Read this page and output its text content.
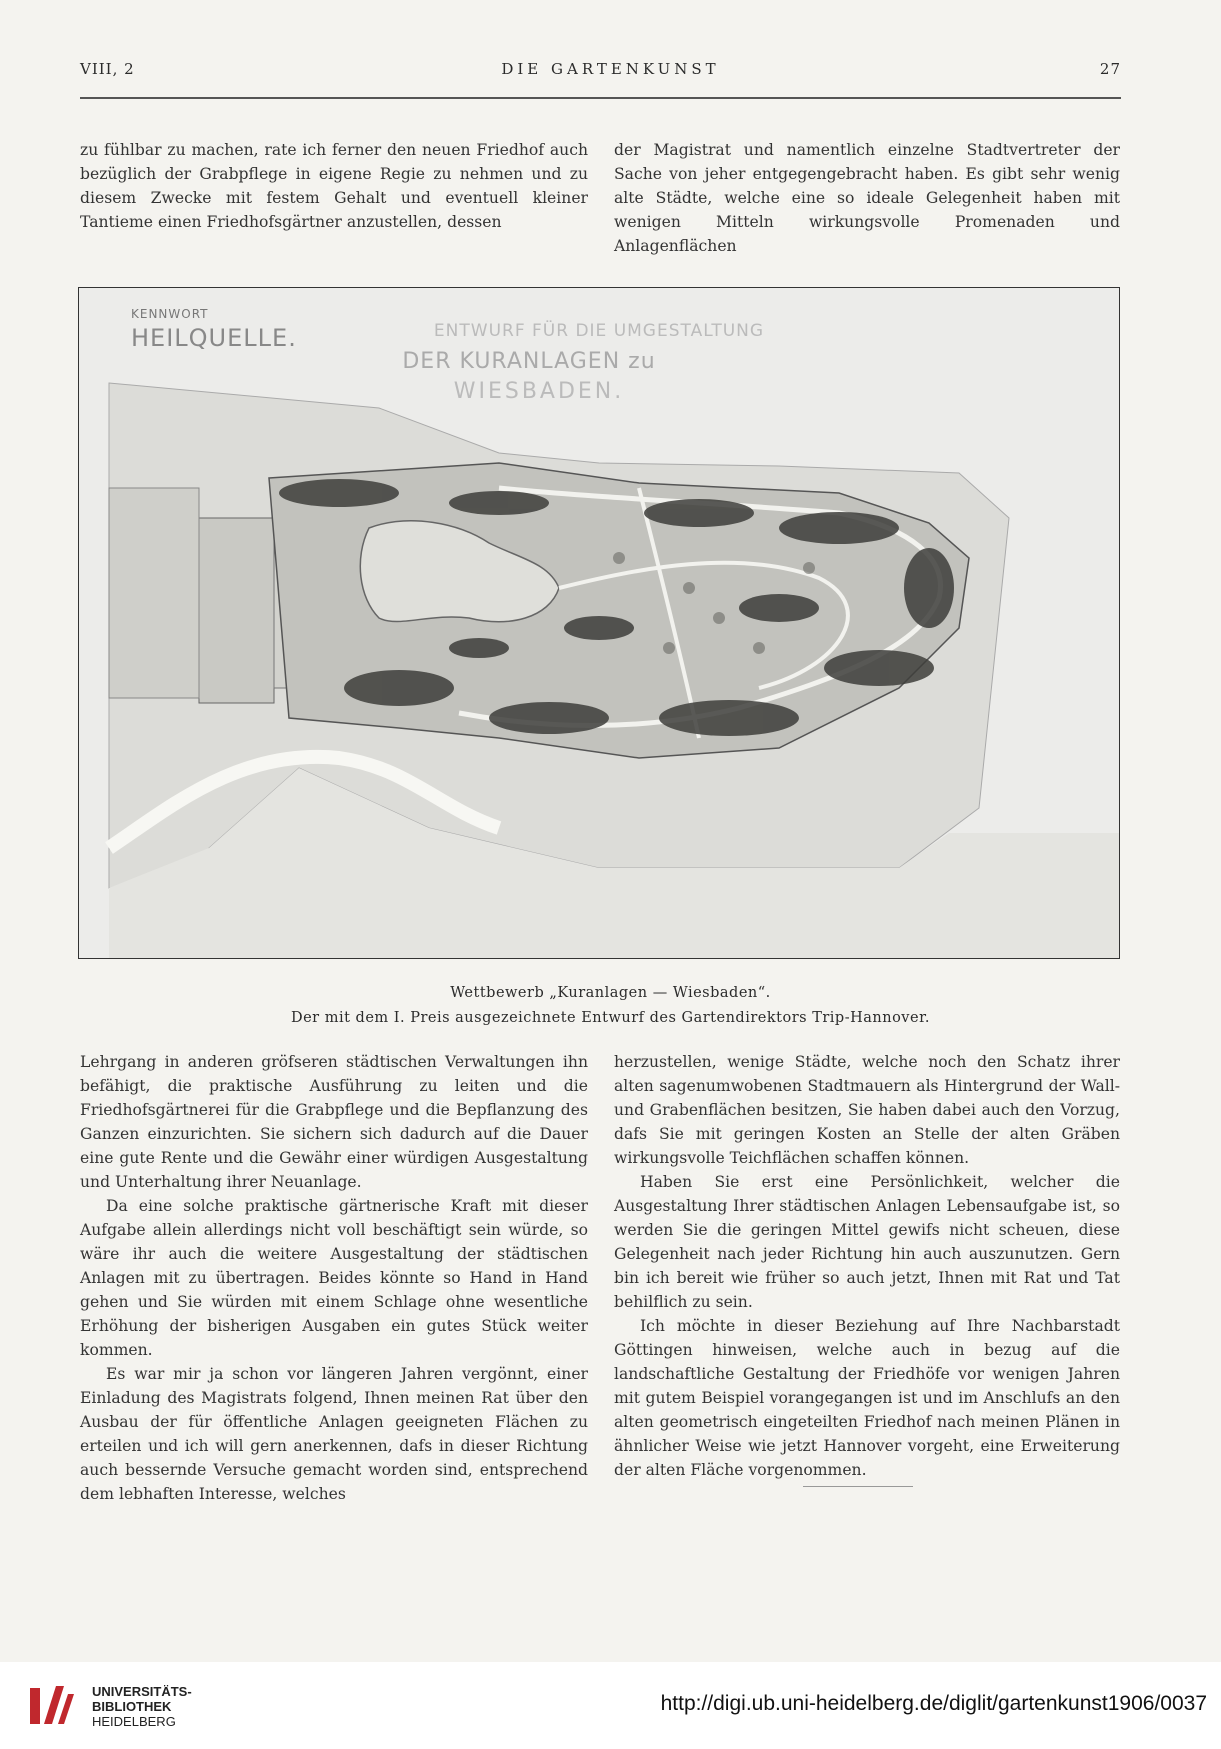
VIII, 2	DIE GARTENKUNST	27

zu fühlbar zu machen, rate ich ferner den neuen Friedhof auch bezüglich der Grabpflege in eigene Regie zu nehmen und zu diesem Zwecke mit festem Gehalt und eventuell kleiner Tantieme einen Friedhofsgärtner anzustellen, dessen

der Magistrat und namentlich einzelne Stadtvertreter der Sache von jeher entgegengebracht haben. Es gibt sehr wenig alte Städte, welche eine so ideale Gelegenheit haben mit wenigen Mitteln wirkungsvolle Promenaden und Anlagenflächen

KENNWORT
HEILQUELLE.	ENTWURF FÜR DIE UMGESTALTUNG
DER KURANLAGEN zu
WIESBADEN.
Wettbewerb „Kuranlagen — Wiesbaden“.
Der mit dem I. Preis ausgezeichnete Entwurf des Gartendirektors Trip-Hannover.

Lehrgang in anderen gröfseren städtischen Verwaltungen ihn befähigt, die praktische Ausführung zu leiten und die Friedhofsgärtnerei für die Grabpflege und die Bepflanzung des Ganzen einzurichten. Sie sichern sich dadurch auf die Dauer eine gute Rente und die Gewähr einer würdigen Ausgestaltung und Unterhaltung ihrer Neuanlage.

Da eine solche praktische gärtnerische Kraft mit dieser Aufgabe allein allerdings nicht voll beschäftigt sein würde, so wäre ihr auch die weitere Ausgestaltung der städtischen Anlagen mit zu übertragen. Beides könnte so Hand in Hand gehen und Sie würden mit einem Schlage ohne wesentliche Erhöhung der bisherigen Ausgaben ein gutes Stück weiter kommen.

Es war mir ja schon vor längeren Jahren vergönnt, einer Einladung des Magistrats folgend, Ihnen meinen Rat über den Ausbau der für öffentliche Anlagen geeigneten Flächen zu erteilen und ich will gern anerkennen, dafs in dieser Richtung auch bessernde Versuche gemacht worden sind, entsprechend dem lebhaften Interesse, welches

herzustellen, wenige Städte, welche noch den Schatz ihrer alten sagenumwobenen Stadtmauern als Hintergrund der Wall- und Grabenflächen besitzen, Sie haben dabei auch den Vorzug, dafs Sie mit geringen Kosten an Stelle der alten Gräben wirkungsvolle Teichflächen schaffen können.

Haben Sie erst eine Persönlichkeit, welcher die Ausgestaltung Ihrer städtischen Anlagen Lebensaufgabe ist, so werden Sie die geringen Mittel gewifs nicht scheuen, diese Gelegenheit nach jeder Richtung hin auch auszunutzen. Gern bin ich bereit wie früher so auch jetzt, Ihnen mit Rat und Tat behilflich zu sein.

Ich möchte in dieser Beziehung auf Ihre Nachbarstadt Göttingen hinweisen, welche auch in bezug auf die landschaftliche Gestaltung der Friedhöfe vor wenigen Jahren mit gutem Beispiel vorangegangen ist und im Anschlufs an den alten geometrisch eingeteilten Friedhof nach meinen Plänen in ähnlicher Weise wie jetzt Hannover vorgeht, eine Erweiterung der alten Fläche vorgenommen.

UNIVERSITÄTS-
BIBLIOTHEK
HEIDELBERG
http://digi.ub.uni-heidelberg.de/diglit/gartenkunst1906/0037
